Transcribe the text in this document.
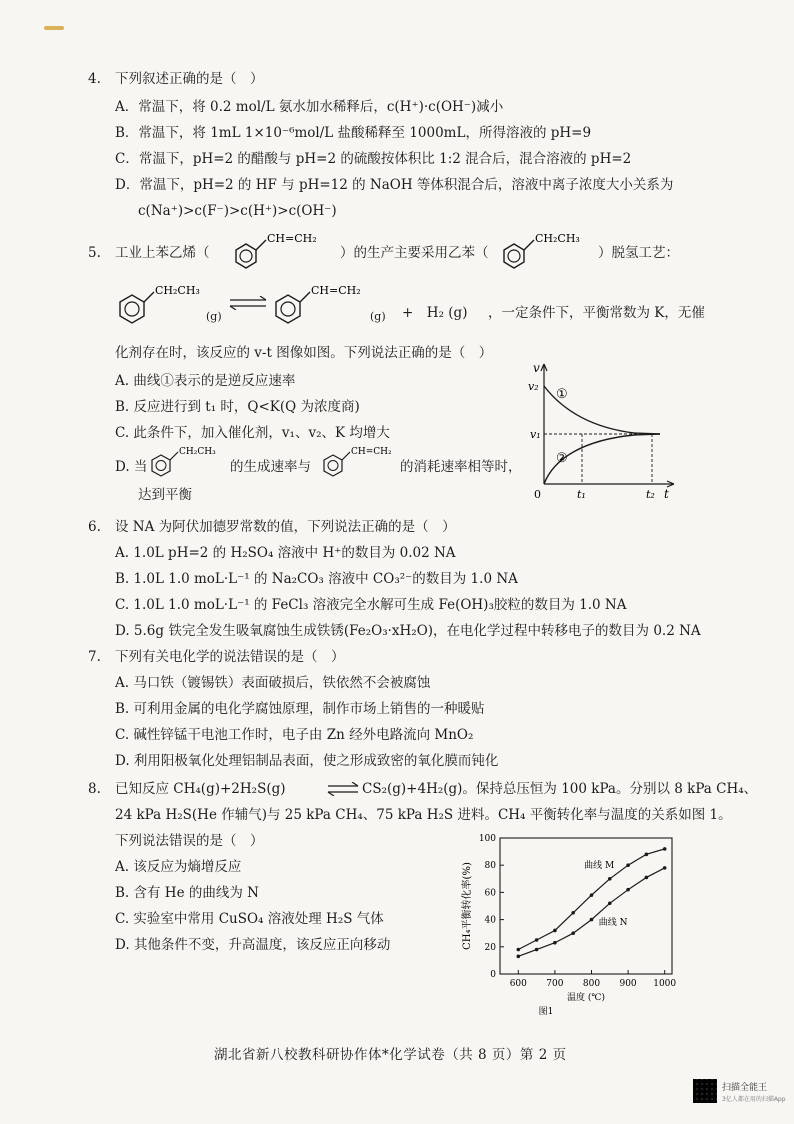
4. 下列叙述正确的是（　）
A．常温下，将 0.2 mol/L 氨水加水稀释后，c(H⁺)·c(OH⁻)减小
B．常温下，将 1mL 1×10⁻⁶mol/L 盐酸稀释至 1000mL，所得溶液的 pH=9
C．常温下，pH=2 的醋酸与 pH=2 的硫酸按体积比 1:2 混合后，混合溶液的 pH=2
D．常温下，pH=2 的 HF 与 pH=12 的 NaOH 等体积混合后，溶液中离子浓度大小关系为
c(Na⁺)>c(F⁻)>c(H⁺)>c(OH⁻)
5. 工业上苯乙烯（
CH=CH₂
）的生产主要采用乙苯（
CH₂CH₃
）脱氢工艺：
CH₂CH₃
(g)
CH=CH₂
(g) +　H₂ (g) ，一定条件下，平衡常数为 K，无催
化剂存在时，该反应的 v-t 图像如图。下列说法正确的是（　）
A. 曲线①表示的是逆反应速率
B. 反应进行到 t₁ 时，Q<K(Q 为浓度商)
C. 此条件下，加入催化剂，v₁、v₂、K 均增大
D. 当
CH₂CH₃
的生成速率与
CH=CH₂
的消耗速率相等时，
达到平衡
v
v₂
v₁
0	t₁	t₂ t
①
②
6. 设 NA 为阿伏加德罗常数的值，下列说法正确的是（　）
A. 1.0L pH=2 的 H₂SO₄ 溶液中 H⁺的数目为 0.02 NA
B. 1.0L 1.0 moL·L⁻¹ 的 Na₂CO₃ 溶液中 CO₃²⁻的数目为 1.0 NA
C. 1.0L 1.0 moL·L⁻¹ 的 FeCl₃ 溶液完全水解可生成 Fe(OH)₃胶粒的数目为 1.0 NA
D. 5.6g 铁完全发生吸氧腐蚀生成铁锈(Fe₂O₃·xH₂O)，在电化学过程中转移电子的数目为 0.2 NA
7. 下列有关电化学的说法错误的是（　）
A. 马口铁（镀锡铁）表面破损后，铁依然不会被腐蚀
B. 可利用金属的电化学腐蚀原理，制作市场上销售的一种暖贴
C. 碱性锌锰干电池工作时，电子由 Zn 经外电路流向 MnO₂
D. 利用阳极氧化处理铝制品表面，使之形成致密的氧化膜而钝化
8. 已知反应 CH₄(g)+2H₂S(g)	CS₂(g)+4H₂(g)。保持总压恒为 100 kPa。分别以 8 kPa CH₄、
24 kPa H₂S(He 作辅气)与 25 kPa CH₄、75 kPa H₂S 进料。CH₄ 平衡转化率与温度的关系如图 1。
下列说法错误的是（　）
A. 该反应为熵增反应
B. 含有 He 的曲线为 N
C. 实验室中常用 CuSO₄ 溶液处理 H₂S 气体
D. 其他条件不变，升高温度，该反应正向移动
600 700 800 900 1000
0
20
40
60
80
100
CH₄平衡转化率(%)
温度 (℃)
图1
曲线 M
曲线 N
湖北省新八校教科研协作体*化学试卷（共 8 页）第 2 页
扫描全能王
3亿人都在用的扫描App
